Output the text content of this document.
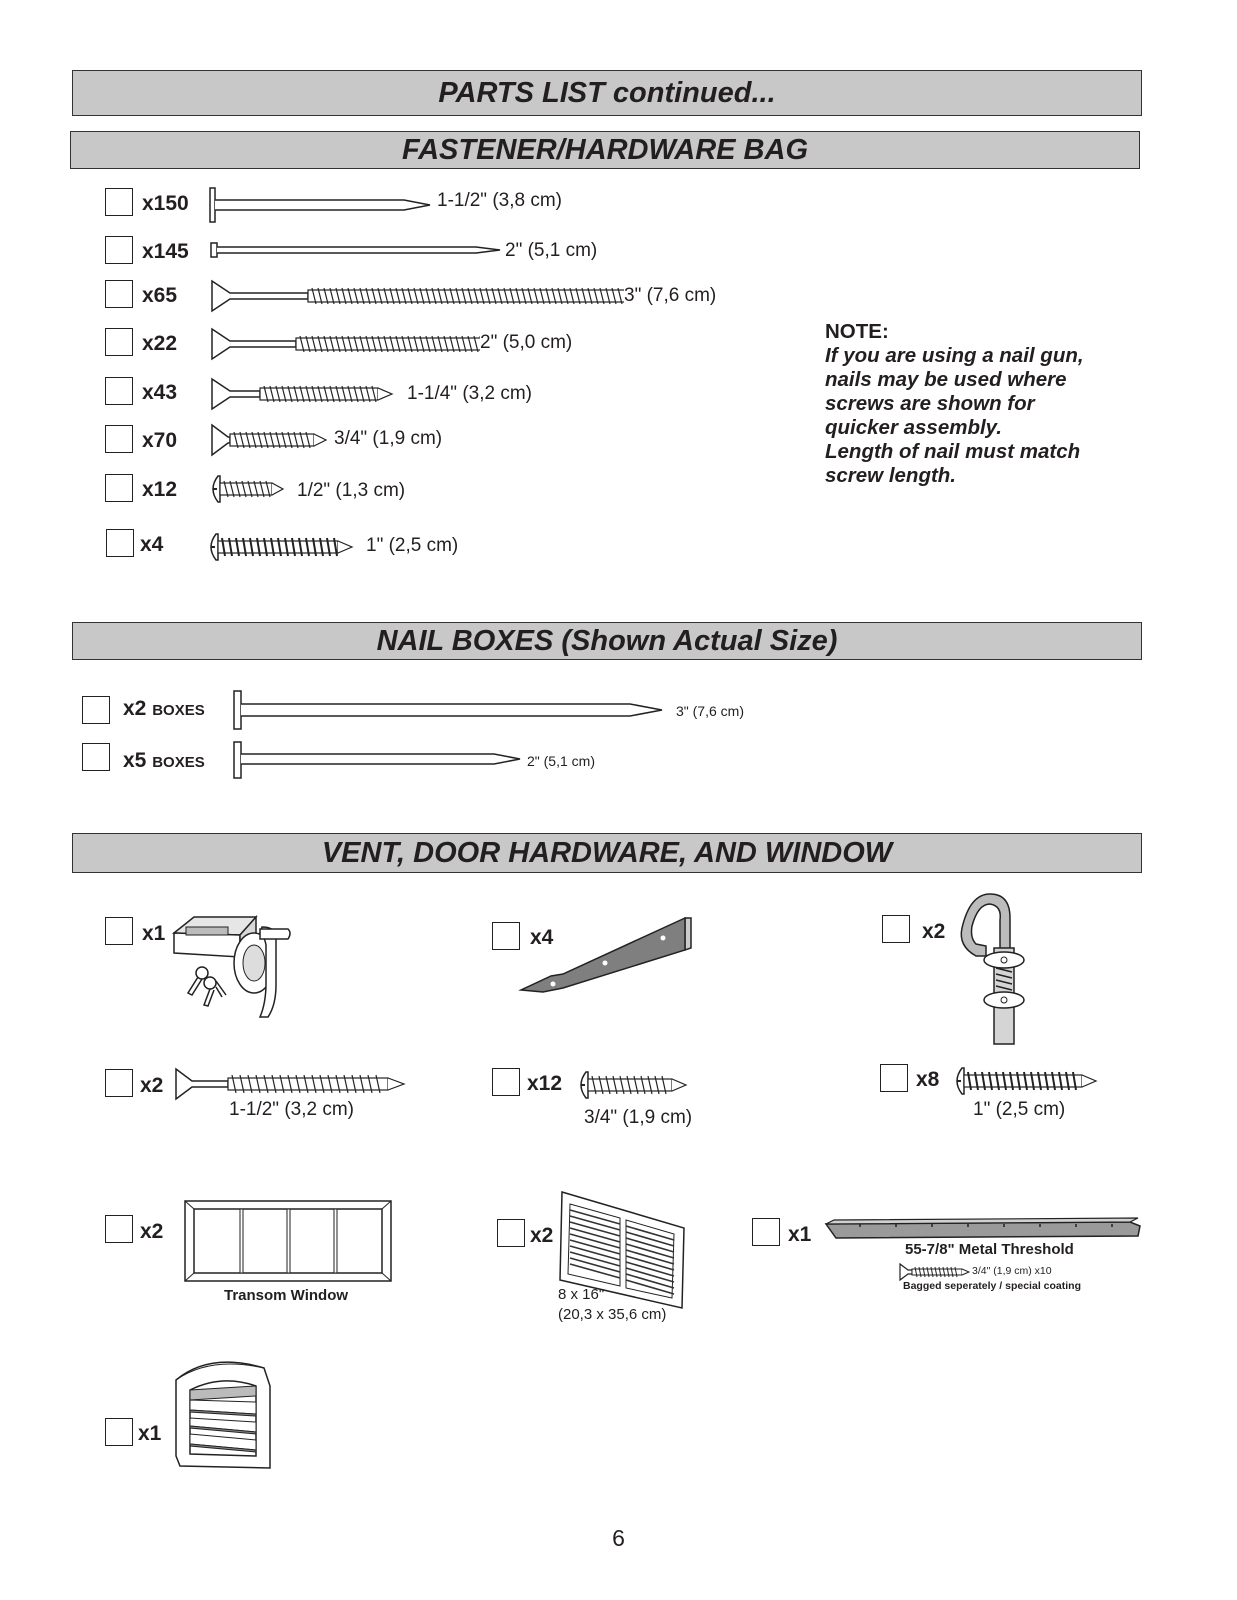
PARTS LIST continued...
FASTENER/HARDWARE BAG
NAIL BOXES (Shown Actual Size)
VENT, DOOR HARDWARE, AND WINDOW
x150	1-1/2" (3,8 cm)
x145	2" (5,1 cm)
x65	3" (7,6 cm)
x22	2" (5,0 cm)
x43	1-1/4" (3,2 cm)
x70	3/4" (1,9 cm)
x12	1/2" (1,3 cm)
x4	1" (2,5 cm)
NOTE:
If you are using a nail gun,
nails may be used where
screws are shown for
quicker assembly.
Length of nail must match
screw length.
x2 BOXES	3" (7,6 cm)
x5 BOXES	2" (5,1 cm)
x1	x4	x2
x2
1-1/2" (3,2 cm)
x12
3/4" (1,9 cm)
x8
1" (2,5 cm)
x2
Transom Window
x2
8 x 16"
(20,3 x 35,6 cm)
x1
55-7/8" Metal Threshold
3/4" (1,9 cm) x10
Bagged seperately / special coating
x1
6
